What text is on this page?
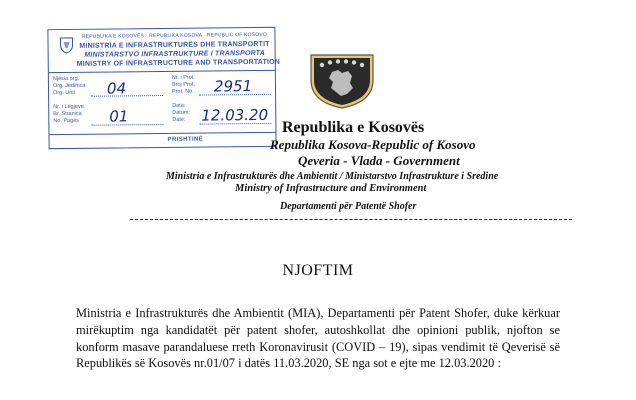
REPUBLIKA E KOSOVËS · REPUBLIKA KOSOVA · REPUBLIC OF KOSOVO
MINISTRIA E INFRASTRUKTURËS DHE TRANSPORTIT
MINISTARSTVO INFRASTRUKTURE I TRANSPORTA
MINISTRY OF INFRASTRUCTURE AND TRANSPORTATION
Njësia org.
Org. Jedinica
Org. Unit
Nr. i Lëgjeve
Br. Stranica
No. Pages
Nr. i Prot.
Broj Prot.
Prot. No.
Data:
Datum:
Date:
04	2951
01	12.03.20
PRISHTINË
Republika e Kosovës
Republika Kosova-Republic of Kosovo
Qeveria - Vlada - Government
Ministria e Infrastrukturës dhe Ambientit / Ministarstvo Infrastrukture i Sredine
Ministry of Infrastructure and Environment
Departamenti për Patentë Shofer
NJOFTIM

Ministria e Infrastrukturës dhe Ambientit (MIA), Departamenti për Patent Shofer, duke kërkuar mirëkuptim nga kandidatët për patent shofer, autoshkollat dhe opinioni publik, njofton se konform masave parandaluese rreth Koronavirusit (COVID – 19), sipas vendimit të Qeverisë së Republikës së Kosovës nr.01/07 i datës 11.03.2020, SE nga sot e ejte me 12.03.2020 :
